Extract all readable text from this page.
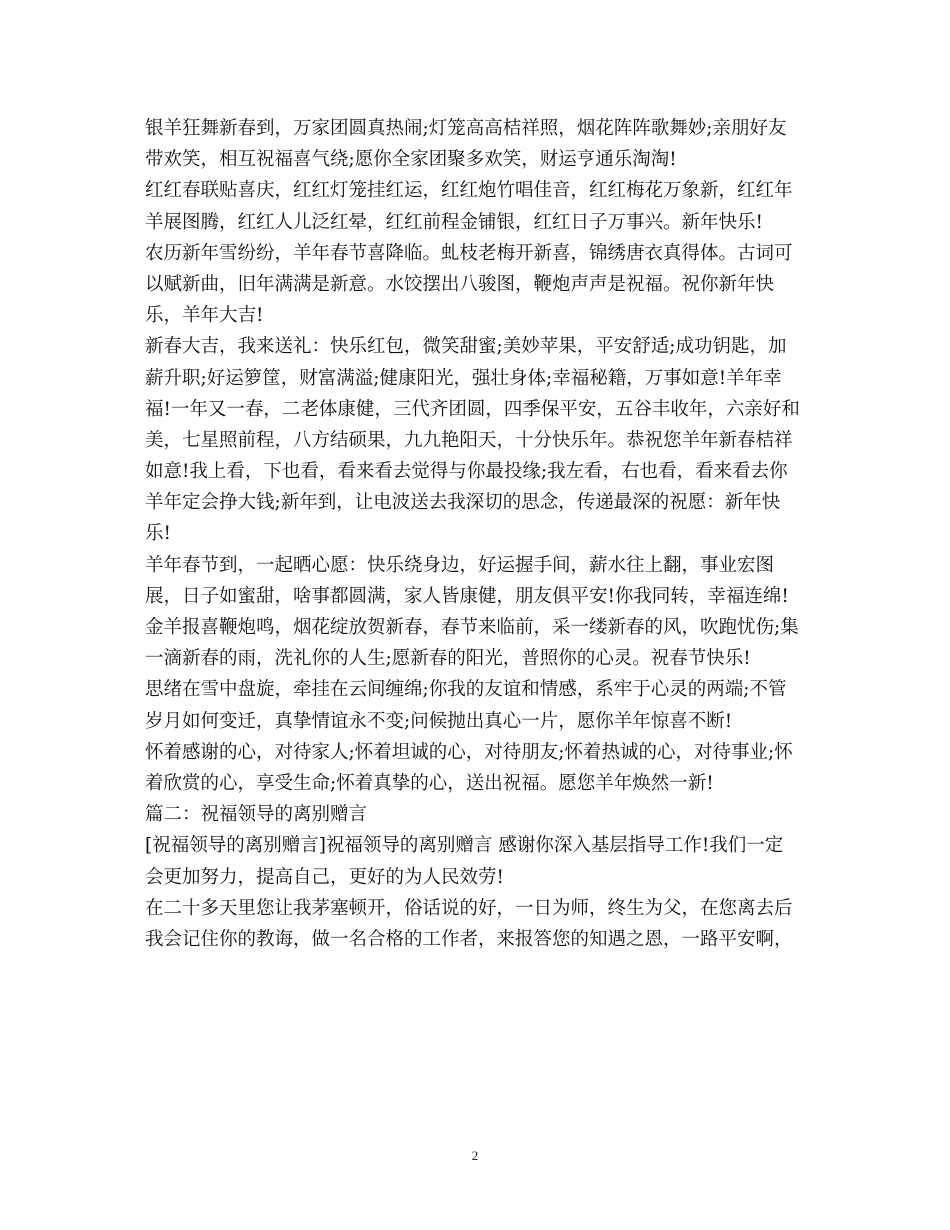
银羊狂舞新春到，万家团圆真热闹;灯笼高高桔祥照，烟花阵阵歌舞妙;亲朋好友
带欢笑，相互祝福喜气绕;愿你全家团聚多欢笑，财运亨通乐淘淘!
红红春联贴喜庆，红红灯笼挂红运，红红炮竹唱佳音，红红梅花万象新，红红年
羊展图腾，红红人儿泛红晕，红红前程金铺银，红红日子万事兴。新年快乐!
农历新年雪纷纷，羊年春节喜降临。虬枝老梅开新喜，锦绣唐衣真得体。古词可
以赋新曲，旧年满满是新意。水饺摆出八骏图，鞭炮声声是祝福。祝你新年快
乐，羊年大吉!
新春大吉，我来送礼：快乐红包，微笑甜蜜;美妙苹果，平安舒适;成功钥匙，加
薪升职;好运箩筐，财富满溢;健康阳光，强壮身体;幸福秘籍，万事如意!羊年幸
福!一年又一春，二老体康健，三代齐团圆，四季保平安，五谷丰收年，六亲好和
美，七星照前程，八方结硕果，九九艳阳天，十分快乐年。恭祝您羊年新春桔祥
如意!我上看，下也看，看来看去觉得与你最投缘;我左看，右也看，看来看去你
羊年定会挣大钱;新年到，让电波送去我深切的思念，传递最深的祝愿：新年快
乐!
羊年春节到，一起晒心愿：快乐绕身边，好运握手间，薪水往上翻，事业宏图
展，日子如蜜甜，啥事都圆满，家人皆康健，朋友俱平安!你我同转，幸福连绵!
金羊报喜鞭炮鸣，烟花绽放贺新春，春节来临前，采一缕新春的风，吹跑忧伤;集
一滴新春的雨，洗礼你的人生;愿新春的阳光，普照你的心灵。祝春节快乐!
思绪在雪中盘旋，牵挂在云间缠绵;你我的友谊和情感，系牢于心灵的两端;不管
岁月如何变迁，真挚情谊永不变;问候抛出真心一片，愿你羊年惊喜不断!
怀着感谢的心，对待家人;怀着坦诚的心，对待朋友;怀着热诚的心，对待事业;怀
着欣赏的心，享受生命;怀着真挚的心，送出祝福。愿您羊年焕然一新!
篇二：祝福领导的离别赠言
[祝福领导的离别赠言]祝福领导的离别赠言 感谢你深入基层指导工作!我们一定
会更加努力，提高自己，更好的为人民效劳!
在二十多天里您让我茅塞顿开，俗话说的好，一日为师，终生为父，在您离去后
我会记住你的教诲，做一名合格的工作者，来报答您的知遇之恩，一路平安啊，
2
